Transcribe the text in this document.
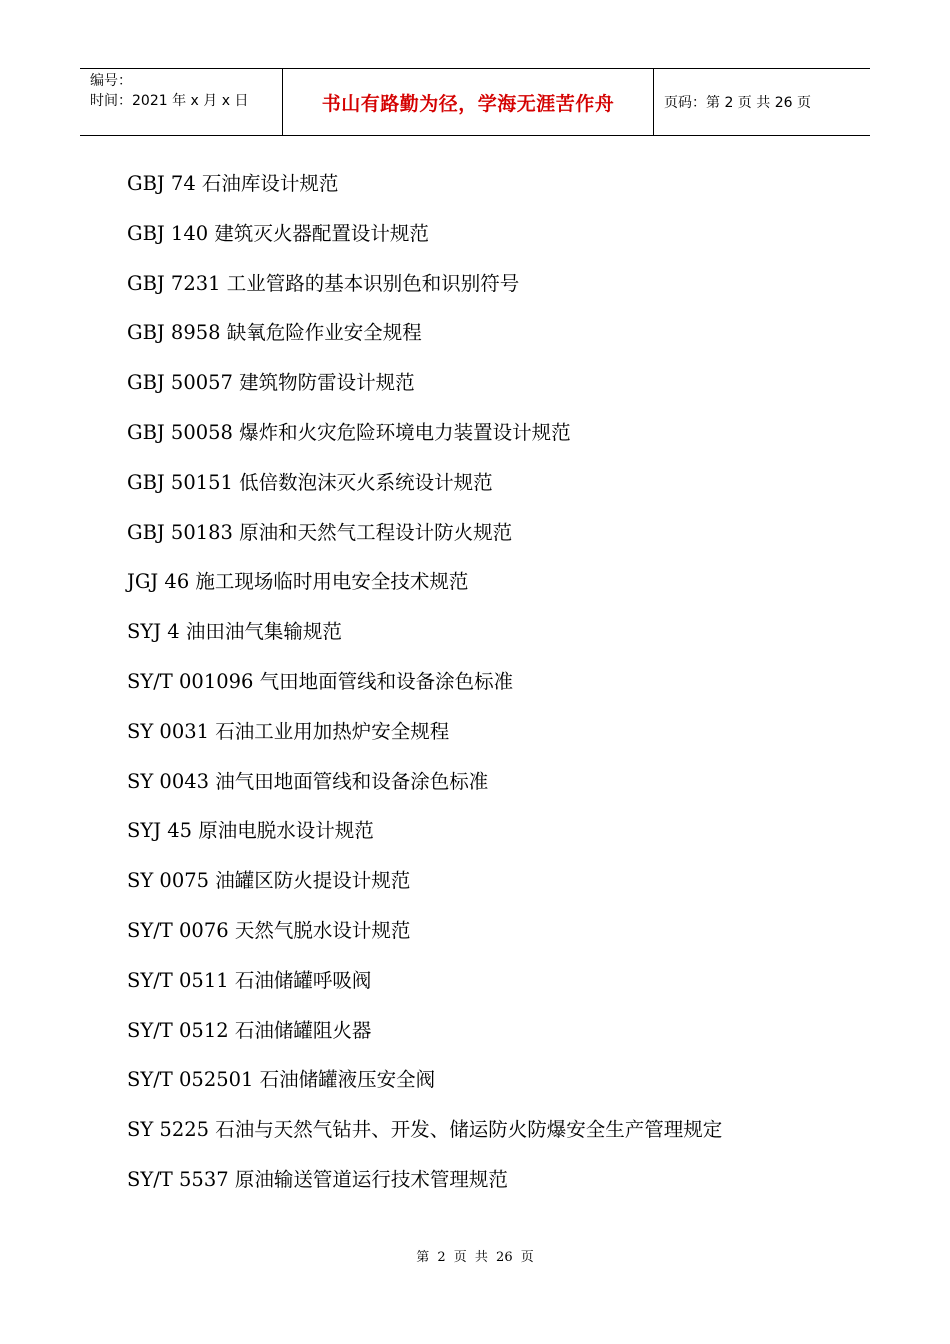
编号：
时间：2021 年 x 月 x 日	书山有路勤为径，学海无涯苦作舟	页码：第 2 页 共 26 页
GBJ 74 石油库设计规范
GBJ 140 建筑灭火器配置设计规范
GBJ 7231 工业管路的基本识别色和识别符号
GBJ 8958 缺氧危险作业安全规程
GBJ 50057 建筑物防雷设计规范
GBJ 50058 爆炸和火灾危险环境电力装置设计规范
GBJ 50151 低倍数泡沫灭火系统设计规范
GBJ 50183 原油和天然气工程设计防火规范
JGJ 46 施工现场临时用电安全技术规范
SYJ 4 油田油气集输规范
SY/T 001096 气田地面管线和设备涂色标准
SY 0031 石油工业用加热炉安全规程
SY 0043 油气田地面管线和设备涂色标准
SYJ 45 原油电脱水设计规范
SY 0075 油罐区防火提设计规范
SY/T 0076 天然气脱水设计规范
SY/T 0511 石油储罐呼吸阀
SY/T 0512 石油储罐阻火器
SY/T 052501 石油储罐液压安全阀
SY 5225 石油与天然气钻井、开发、储运防火防爆安全生产管理规定
SY/T 5537 原油输送管道运行技术管理规范
第 2 页 共 26 页
